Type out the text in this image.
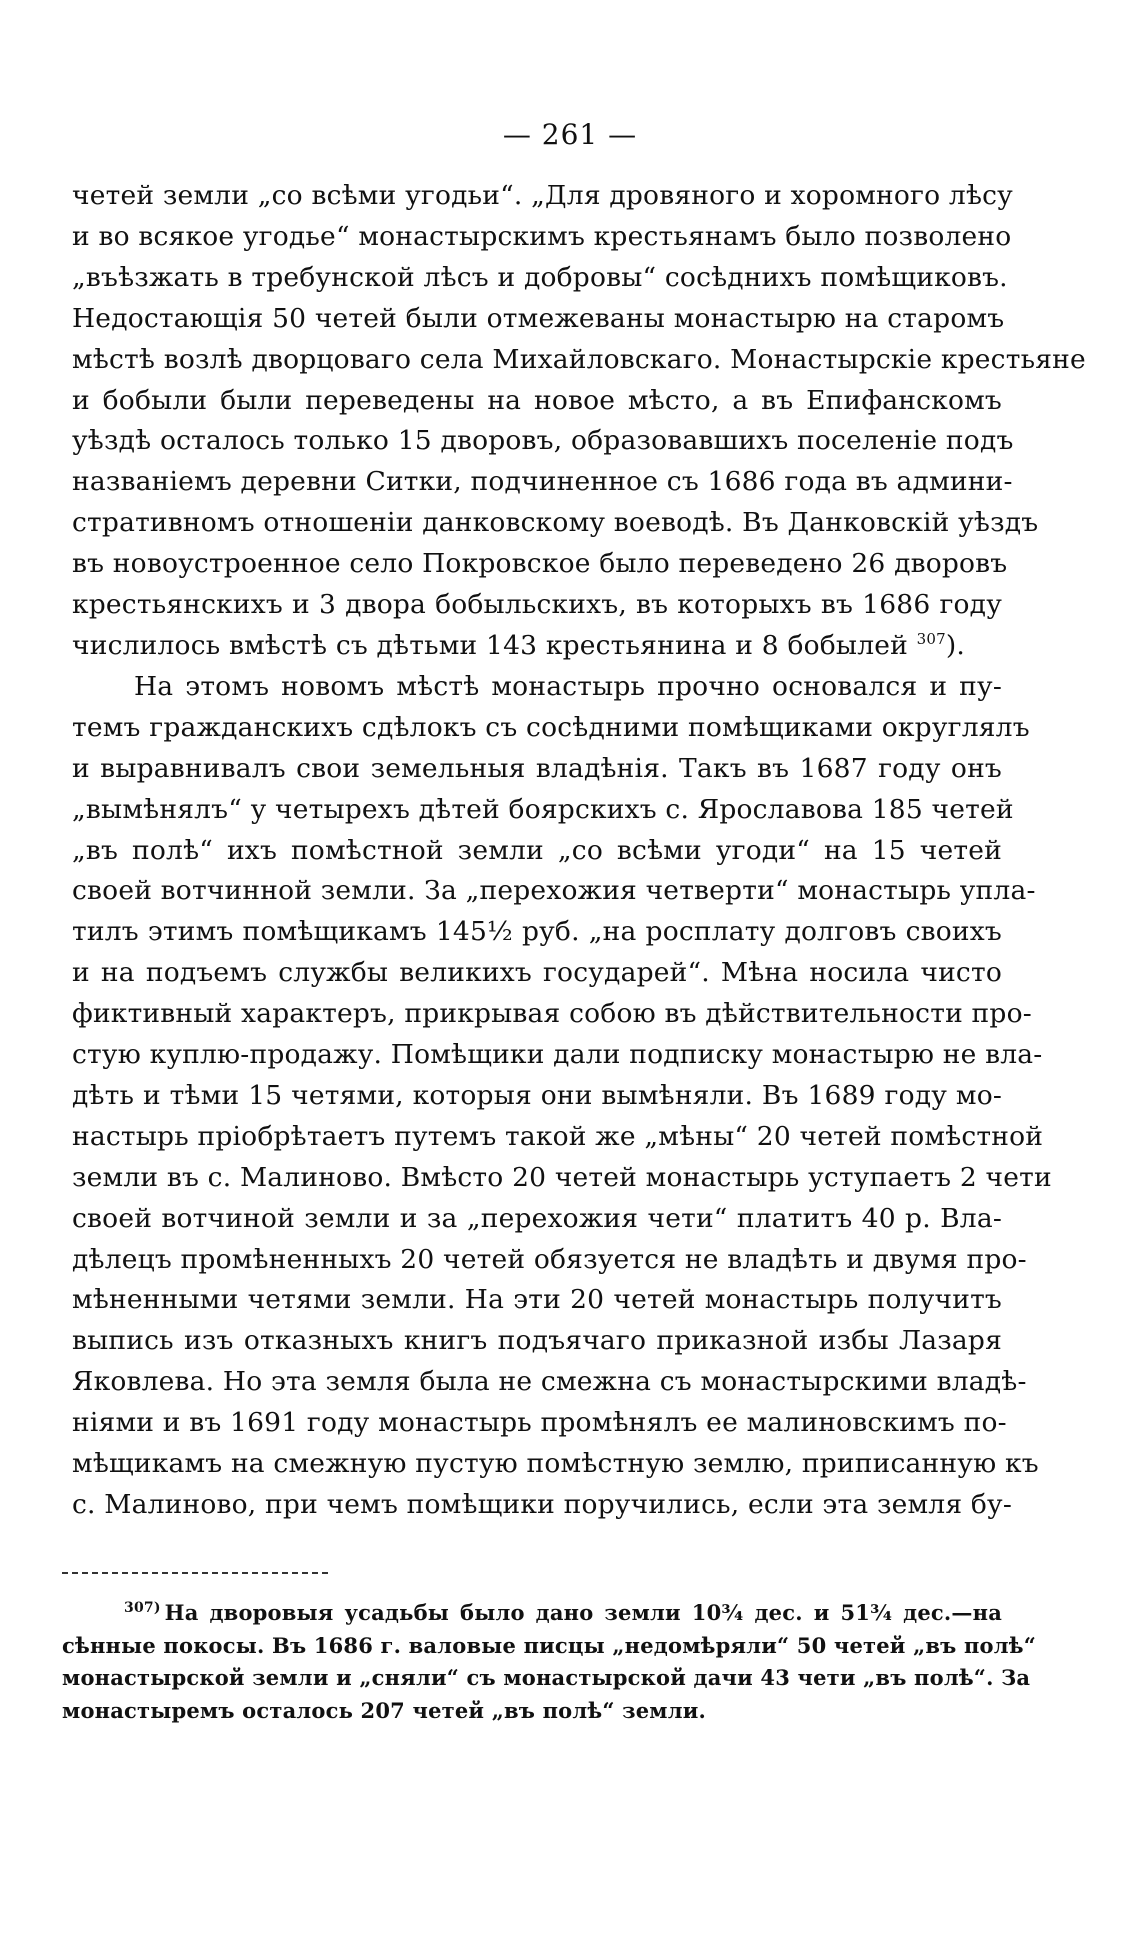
— 261 —

четей земли „со всѣми угодьи“. „Для дровяного и хоромного лѣсу
и во всякое угодье“ монастырскимъ крестьянамъ было позволено
„въѣзжать в требунской лѣсъ и добровы“ сосѣднихъ помѣщиковъ.
Недостающія 50 четей были отмежеваны монастырю на старомъ
мѣстѣ возлѣ дворцоваго села Михайловскаго. Монастырскіе крестьяне
и бобыли были переведены на новое мѣсто, а въ Епифанскомъ
уѣздѣ осталось только 15 дворовъ, образовавшихъ поселеніе подъ
названіемъ деревни Ситки, подчиненное съ 1686 года въ админи-
стративномъ отношеніи данковскому воеводѣ. Въ Данковскій уѣздъ
въ новоустроенное село Покровское было переведено 26 дворовъ
крестьянскихъ и 3 двора бобыльскихъ, въ которыхъ въ 1686 году
числилось вмѣстѣ съ дѣтьми 143 крестьянина и 8 бобылей $^{307}$).

На этомъ новомъ мѣстѣ монастырь прочно основался и пу-
темъ гражданскихъ сдѣлокъ съ сосѣдними помѣщиками округлялъ
и выравнивалъ свои земельныя владѣнія. Такъ въ 1687 году онъ
„вымѣнялъ“ у четырехъ дѣтей боярскихъ с. Ярославова 185 четей
„въ полѣ“ ихъ помѣстной земли „со всѣми угоди“ на 15 четей
своей вотчинной земли. За „перехожия четверти“ монастырь упла-
тилъ этимъ помѣщикамъ 145½ руб. „на росплату долговъ своихъ
и на подъемъ службы великихъ государей“. Мѣна носила чисто
фиктивный характеръ, прикрывая собою въ дѣйствительности про-
стую куплю-продажу. Помѣщики дали подписку монастырю не вла-
дѣть и тѣми 15 четями, которыя они вымѣняли. Въ 1689 году мо-
настырь пріобрѣтаетъ путемъ такой же „мѣны“ 20 четей помѣстной
земли въ с. Малиново. Вмѣсто 20 четей монастырь уступаетъ 2 чети
своей вотчиной земли и за „перехожия чети“ платитъ 40 р. Вла-
дѣлецъ промѣненныхъ 20 четей обязуется не владѣть и двумя про-
мѣненными четями земли. На эти 20 четей монастырь получитъ
выпись изъ отказныхъ книгъ подъячаго приказной избы Лазаря
Яковлева. Но эта земля была не смежна съ монастырскими владѣ-
ніями и въ 1691 году монастырь промѣнялъ ее малиновскимъ по-
мѣщикамъ на смежную пустую помѣстную землю, приписанную къ
с. Малиново, при чемъ помѣщики поручились, если эта земля бу-

$^{307)}$ На дворовыя усадьбы было дано земли 10¾ дес. и 51¾ дес.—на
сѣнные покосы. Въ 1686 г. валовые писцы „недомѣряли“ 50 четей „въ полѣ“
монастырской земли и „сняли“ съ монастырской дачи 43 чети „въ полѣ“. За
монастыремъ осталось 207 четей „въ полѣ“ земли.
